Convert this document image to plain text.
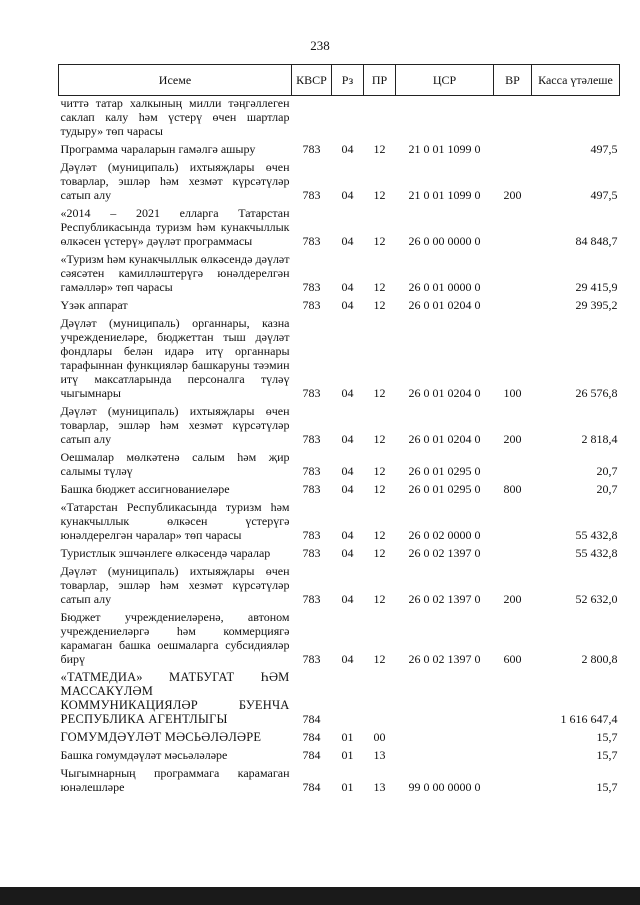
238
Исеме	КВСР	Рз	ПР	ЦСР	ВР	Касса үтәлеше
читтә татар халкының милли тәңгәллеген саклап калу һәм үстерү өчен шартлар тудыру» төп чарасы						
Программа чараларын гамәлгә ашыру	783	04	12	21 0 01 1099 0		497,5
Дәүләт (муниципаль) ихтыяҗлары өчен товарлар, эшләр һәм хезмәт күрсәтүләр сатып алу	783	04	12	21 0 01 1099 0	200	497,5
«2014 – 2021 елларга Татарстан Республикасында туризм һәм кунакчыллык өлкәсен үстерү» дәүләт программасы	783	04	12	26 0 00 0000 0		84 848,7
«Туризм һәм кунакчыллык өлкәсендә дәүләт сәясәтен камилләштерүгә юнәлдерелгән гамәлләр» төп чарасы	783	04	12	26 0 01 0000 0		29 415,9
Үзәк аппарат	783	04	12	26 0 01 0204 0		29 395,2
Дәүләт (муниципаль) органнары, казна учреждениеләре, бюджеттан тыш дәүләт фондлары белән идарә итү органнары тарафыннан функцияләр башкаруны тәэмин итү максатларында персоналга түләү чыгымнары	783	04	12	26 0 01 0204 0	100	26 576,8
Дәүләт (муниципаль) ихтыяҗлары өчен товарлар, эшләр һәм хезмәт күрсәтүләр сатып алу	783	04	12	26 0 01 0204 0	200	2 818,4
Оешмалар мөлкәтенә салым һәм җир салымы түләү	783	04	12	26 0 01 0295 0		20,7
Башка бюджет ассигнованиеләре	783	04	12	26 0 01 0295 0	800	20,7
«Татарстан Республикасында туризм һәм кунакчыллык өлкәсен үстерүгә юнәлдерелгән чаралар» төп чарасы	783	04	12	26 0 02 0000 0		55 432,8
Туристлык эшчәнлеге өлкәсендә чаралар	783	04	12	26 0 02 1397 0		55 432,8
Дәүләт (муниципаль) ихтыяҗлары өчен товарлар, эшләр һәм хезмәт күрсәтүләр сатып алу	783	04	12	26 0 02 1397 0	200	52 632,0
Бюджет учреждениеләренә, автоном учреждениеләргә һәм коммерциягә карамаган башка оешмаларга субсидияләр бирү	783	04	12	26 0 02 1397 0	600	2 800,8
«ТАТМЕДИА» МАТБУГАТ ҺӘМ МАССАКҮЛӘМ КОММУНИКАЦИЯЛӘР БУЕНЧА РЕСПУБЛИКА АГЕНТЛЫГЫ	784					1 616 647,4
ГОМУМДӘҮЛӘТ МӘСЬӘЛӘЛӘРЕ	784	01	00			15,7
Башка гомумдәүләт мәсьәләләре	784	01	13			15,7
Чыгымнарның программага карамаган юнәлешләре	784	01	13	99 0 00 0000 0		15,7
